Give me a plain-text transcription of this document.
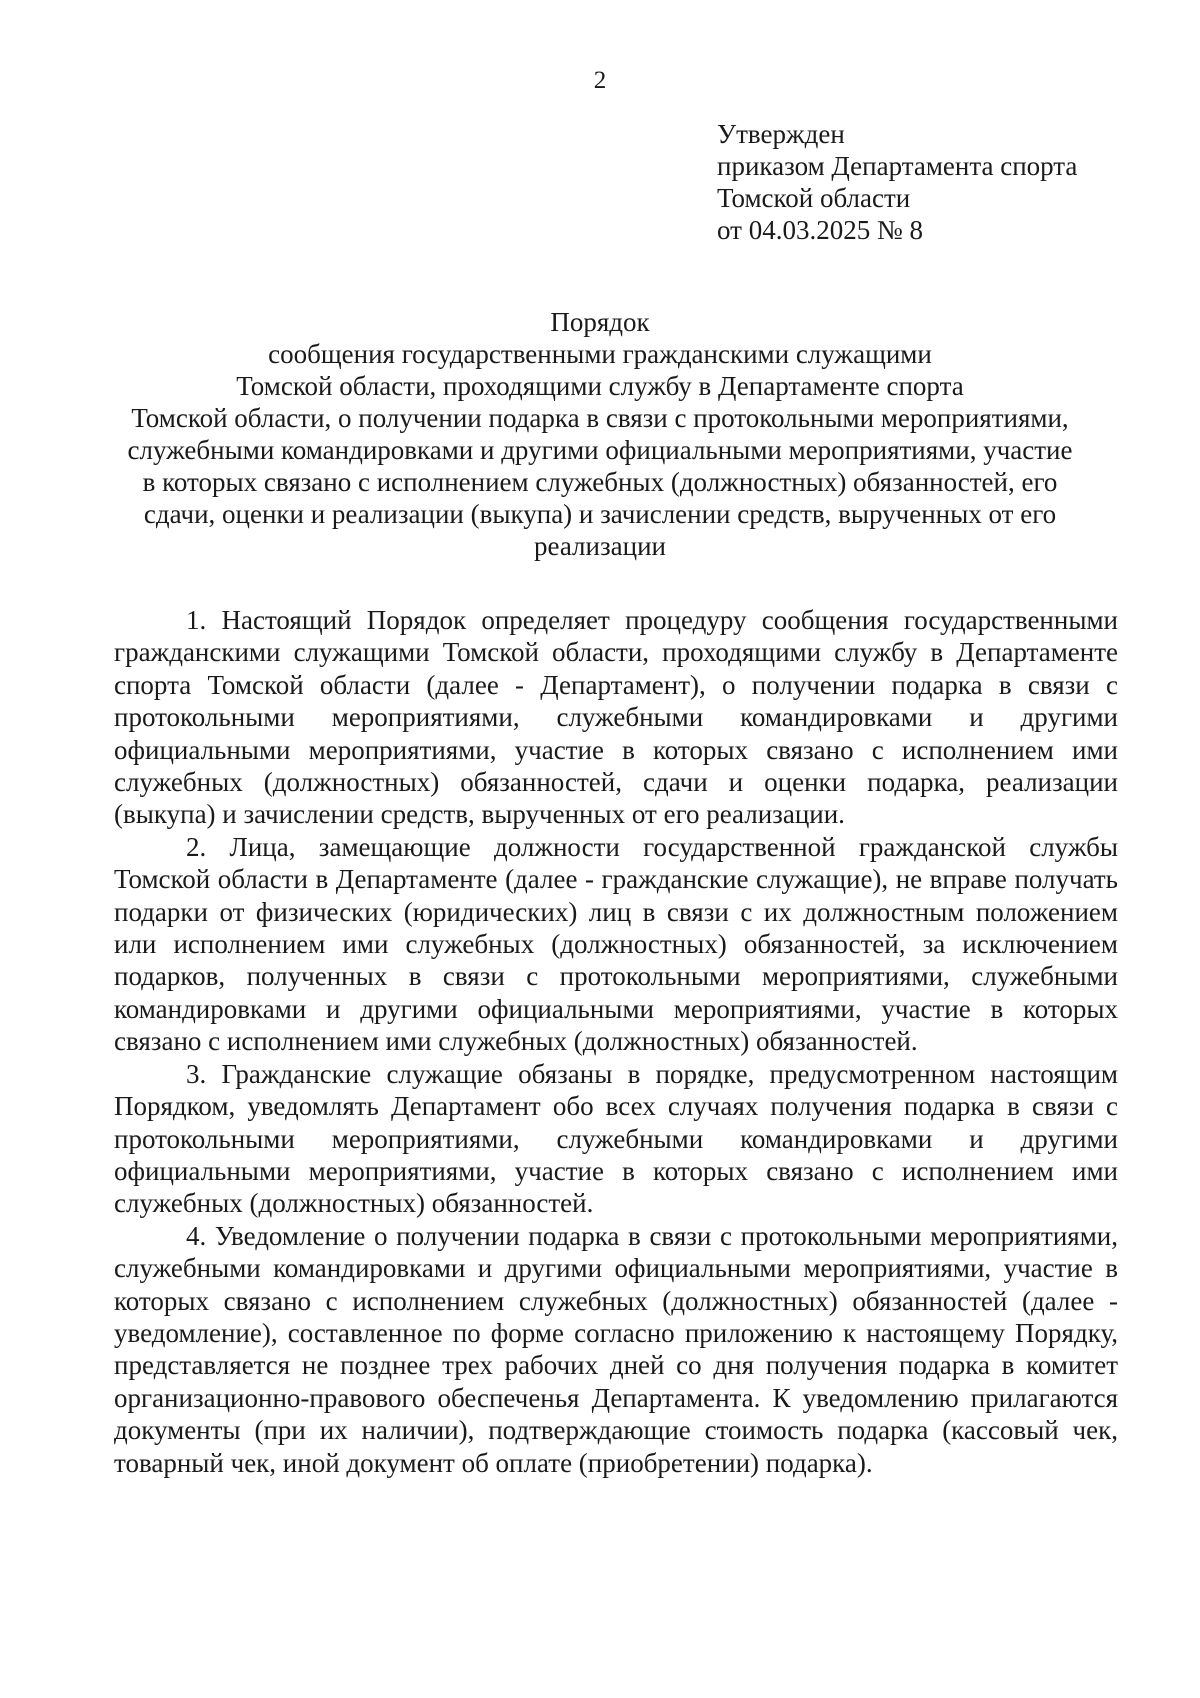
2
Утвержден
приказом Департамента спорта
Томской области
от 04.03.2025 № 8
Порядок
сообщения государственными гражданскими служащими
Томской области, проходящими службу в Департаменте спорта
Томской области, о получении подарка в связи с протокольными мероприятиями,
служебными командировками и другими официальными мероприятиями, участие
в которых связано с исполнением служебных (должностных) обязанностей, его
сдачи, оценки и реализации (выкупа) и зачислении средств, вырученных от его
реализации

1. Настоящий Порядок определяет процедуру сообщения государственными гражданскими служащими Томской области, проходящими службу в Департаменте спорта Томской области (далее - Департамент), о получении подарка в связи с протокольными мероприятиями, служебными командировками и другими официальными мероприятиями, участие в которых связано с исполнением ими служебных (должностных) обязанностей, сдачи и оценки подарка, реализации (выкупа) и зачислении средств, вырученных от его реализации.

2. Лица, замещающие должности государственной гражданской службы Томской области в Департаменте (далее - гражданские служащие), не вправе получать подарки от физических (юридических) лиц в связи с их должностным положением или исполнением ими служебных (должностных) обязанностей, за исключением подарков, полученных в связи с протокольными мероприятиями, служебными командировками и другими официальными мероприятиями, участие в которых связано с исполнением ими служебных (должностных) обязанностей.

3. Гражданские служащие обязаны в порядке, предусмотренном настоящим Порядком, уведомлять Департамент обо всех случаях получения подарка в связи с протокольными мероприятиями, служебными командировками и другими официальными мероприятиями, участие в которых связано с исполнением ими служебных (должностных) обязанностей.

4. Уведомление о получении подарка в связи с протокольными мероприятиями, служебными командировками и другими официальными мероприятиями, участие в которых связано с исполнением служебных (должностных) обязанностей (далее - уведомление), составленное по форме согласно приложению к настоящему Порядку, представляется не позднее трех рабочих дней со дня получения подарка в комитет организационно-правового обеспеченья Департамента. К уведомлению прилагаются документы (при их наличии), подтверждающие стоимость подарка (кассовый чек, товарный чек, иной документ об оплате (приобретении) подарка).
